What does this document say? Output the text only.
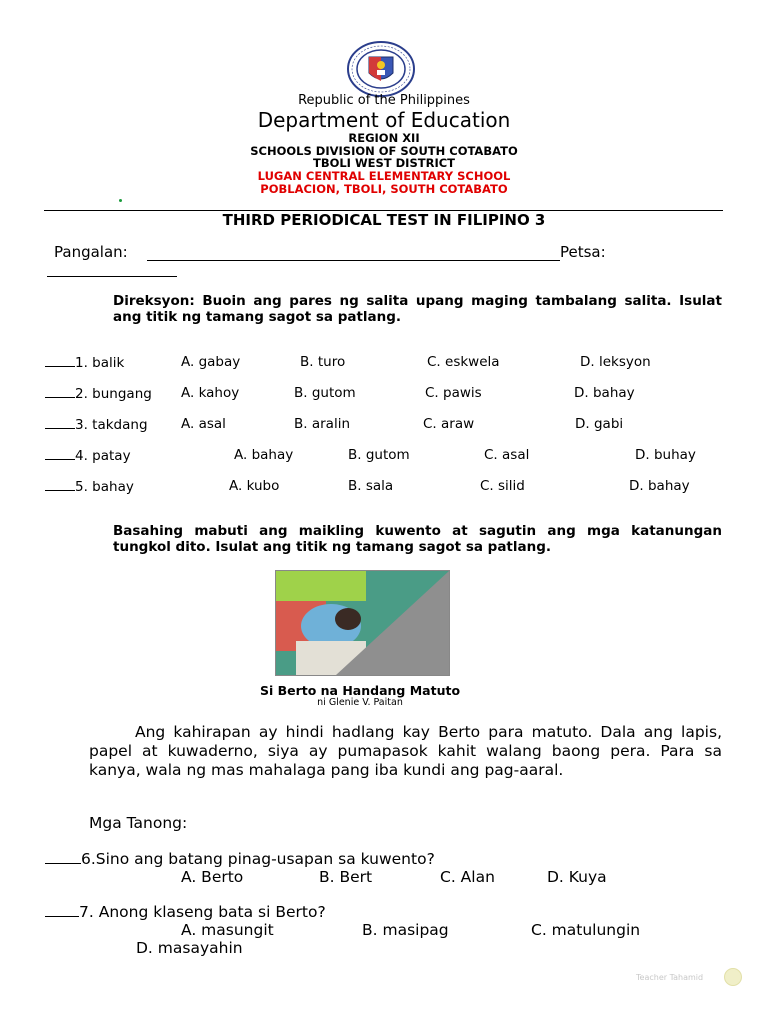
Republic of the Philippines
Department of Education
REGION XII
SCHOOLS DIVISION OF SOUTH COTABATO
TBOLI WEST DISTRICT
LUGAN CENTRAL ELEMENTARY SCHOOL
POBLACION, TBOLI, SOUTH COTABATO
THIRD PERIODICAL TEST IN FILIPINO 3
Pangalan:	Petsa:
Direksyon: Buoin ang pares ng salita upang maging tambalang salita. Isulat ang titik ng tamang sagot sa patlang.
1. balik	A. gabay	B. turo	C. eskwela	D. leksyon
2. bungang A. kahoy	B. gutom	C. pawis	D. bahay
3. takdang A. asal	B. aralin	C. araw	D. gabi
4. patay	A. bahay	B. gutom	C. asal	D. buhay
5. bahay	A. kubo	B. sala	C. silid	D. bahay
Basahing mabuti ang maikling kuwento at sagutin ang mga katanungan tungkol dito. Isulat ang titik ng tamang sagot sa patlang.
Si Berto na Handang Matuto
ni Glenie V. Paitan
Ang kahirapan ay hindi hadlang kay Berto para matuto. Dala ang lapis, papel at kuwaderno, siya ay pumapasok kahit walang baong pera. Para sa kanya, wala ng mas mahalaga pang iba kundi ang pag-aaral.
Mga Tanong:
6.Sino ang batang pinag-usapan sa kuwento?
A. Berto	B. Bert	C. Alan	D. Kuya
7. Anong klaseng bata si Berto?
A. masungit	B. masipag	C. matulungin
D. masayahin
Teacher Tahamid
